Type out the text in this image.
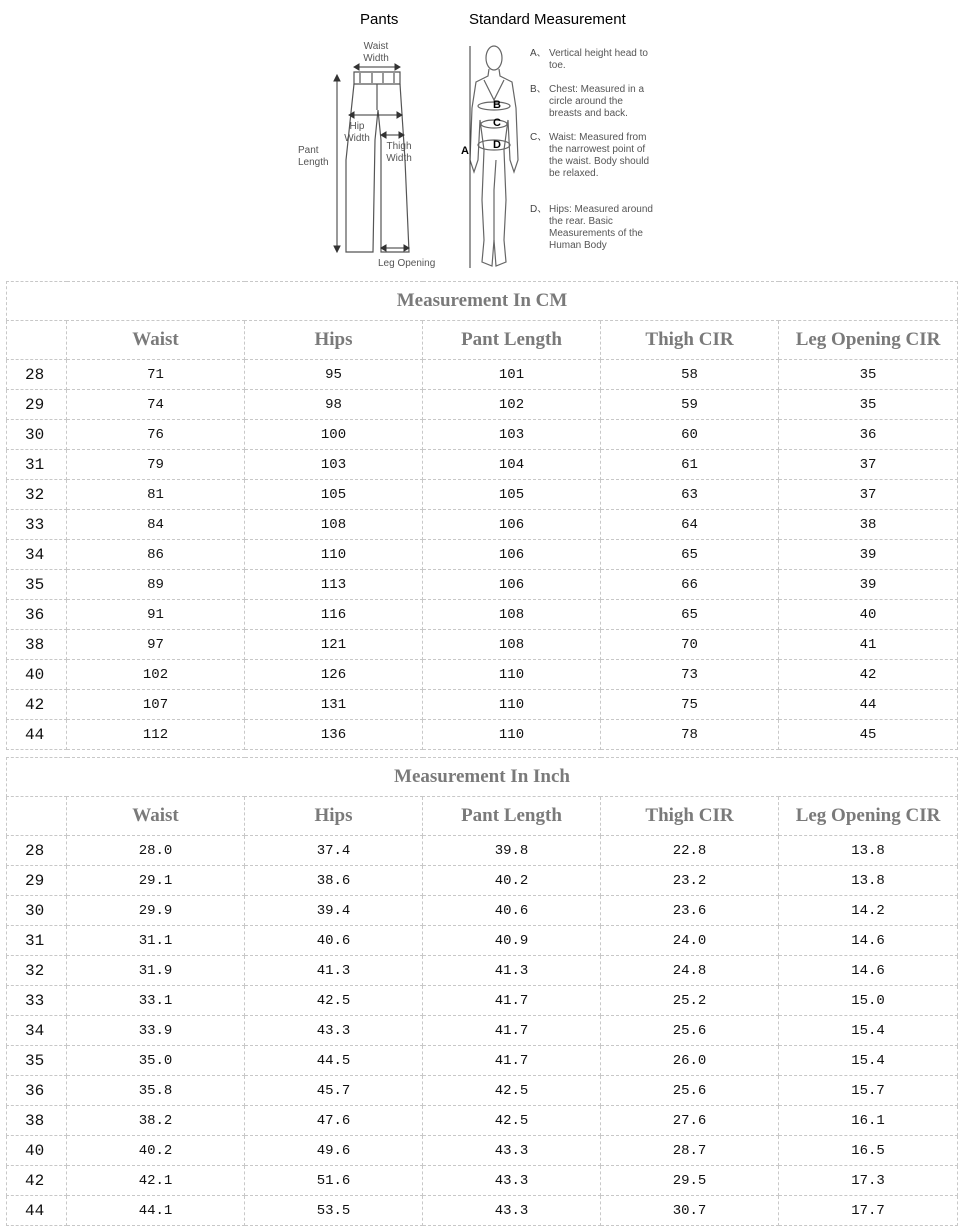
Pants	Standard Measurement
Waist Width
Hip Width
Thigh Width
Pant Length
Leg Opening
A
B
C
D
A、 Vertical height head to toe.
B、 Chest: Measured in a circle around the breasts and back.
C、 Waist: Measured from the narrowest point of the waist. Body should be relaxed.
D、 Hips: Measured around the rear. Basic Measurements of the Human Body
Measurement In CM					
	Waist	Hips	Pant Length	Thigh CIR	Leg Opening CIR
28	71	95	101	58	35
29	74	98	102	59	35
30	76	100	103	60	36
31	79	103	104	61	37
32	81	105	105	63	37
33	84	108	106	64	38
34	86	110	106	65	39
35	89	113	106	66	39
36	91	116	108	65	40
38	97	121	108	70	41
40	102	126	110	73	42
42	107	131	110	75	44
44	112	136	110	78	45
Measurement In Inch					
	Waist	Hips	Pant Length	Thigh CIR	Leg Opening CIR
28	28.0	37.4	39.8	22.8	13.8
29	29.1	38.6	40.2	23.2	13.8
30	29.9	39.4	40.6	23.6	14.2
31	31.1	40.6	40.9	24.0	14.6
32	31.9	41.3	41.3	24.8	14.6
33	33.1	42.5	41.7	25.2	15.0
34	33.9	43.3	41.7	25.6	15.4
35	35.0	44.5	41.7	26.0	15.4
36	35.8	45.7	42.5	25.6	15.7
38	38.2	47.6	42.5	27.6	16.1
40	40.2	49.6	43.3	28.7	16.5
42	42.1	51.6	43.3	29.5	17.3
44	44.1	53.5	43.3	30.7	17.7
